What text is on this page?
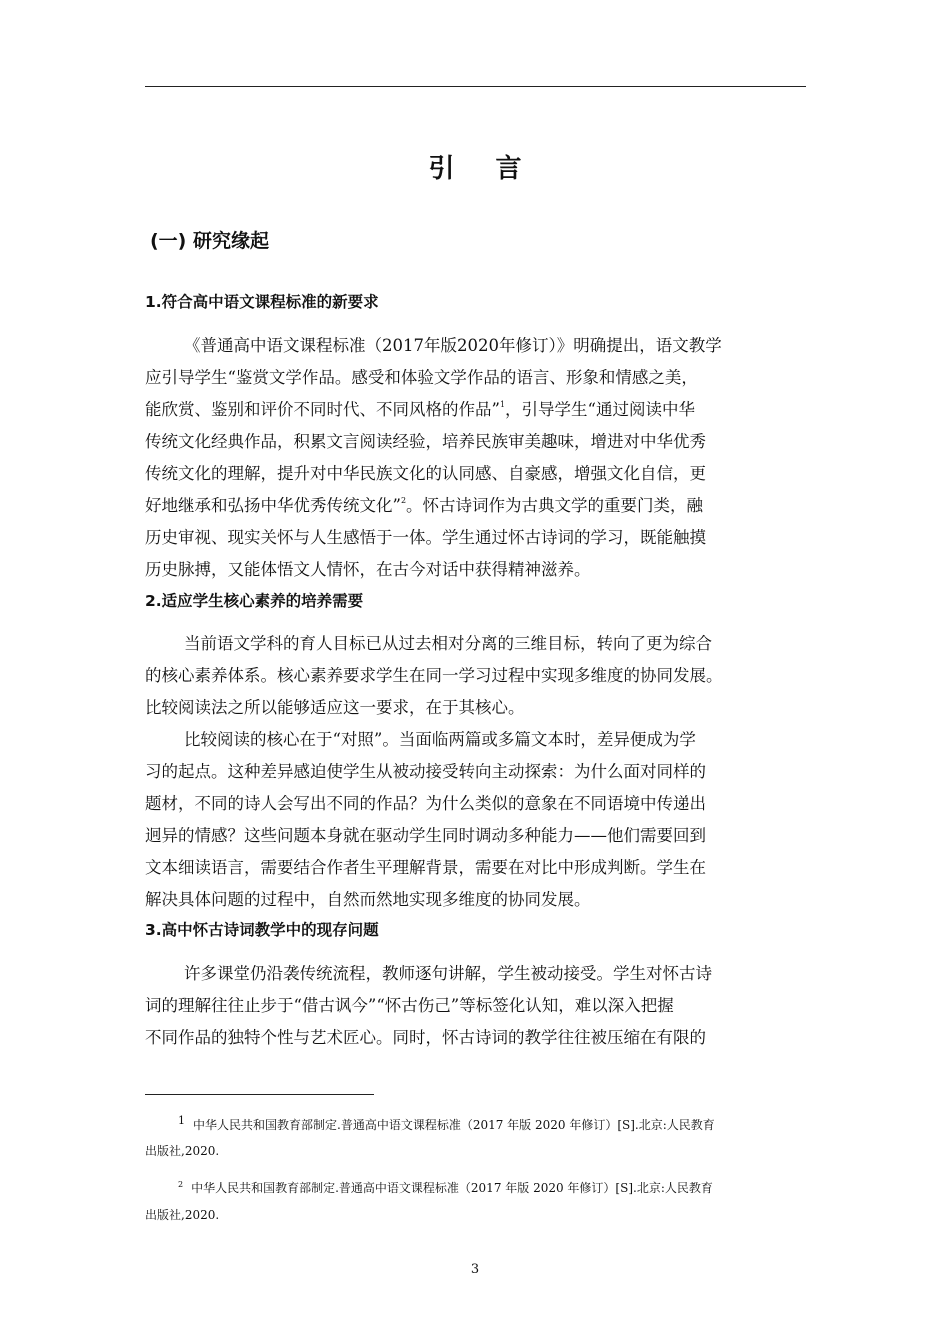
引 言
(一) 研究缘起
1.符合高中语文课程标准的新要求
《普通高中语文课程标准（2017年版2020年修订）》明确提出，语文教学
应引导学生“鉴赏文学作品。感受和体验文学作品的语言、形象和情感之美，
能欣赏、鉴别和评价不同时代、不同风格的作品”$^1$，引导学生“通过阅读中华
传统文化经典作品，积累文言阅读经验，培养民族审美趣味，增进对中华优秀
传统文化的理解，提升对中华民族文化的认同感、自豪感，增强文化自信，更
好地继承和弘扬中华优秀传统文化”$^2$。怀古诗词作为古典文学的重要门类，融
历史审视、现实关怀与人生感悟于一体。学生通过怀古诗词的学习，既能触摸
历史脉搏，又能体悟文人情怀，在古今对话中获得精神滋养。
2.适应学生核心素养的培养需要
当前语文学科的育人目标已从过去相对分离的三维目标，转向了更为综合
的核心素养体系。核心素养要求学生在同一学习过程中实现多维度的协同发展。
比较阅读法之所以能够适应这一要求，在于其核心。
比较阅读的核心在于“对照”。当面临两篇或多篇文本时，差异便成为学
习的起点。这种差异感迫使学生从被动接受转向主动探索：为什么面对同样的
题材，不同的诗人会写出不同的作品？为什么类似的意象在不同语境中传递出
迥异的情感？这些问题本身就在驱动学生同时调动多种能力——他们需要回到
文本细读语言，需要结合作者生平理解背景，需要在对比中形成判断。学生在
解决具体问题的过程中，自然而然地实现多维度的协同发展。
3.高中怀古诗词教学中的现存问题
许多课堂仍沿袭传统流程，教师逐句讲解，学生被动接受。学生对怀古诗
词的理解往往止步于“借古讽今”“怀古伤己”等标签化认知，难以深入把握
不同作品的独特个性与艺术匠心。同时，怀古诗词的教学往往被压缩在有限的
1 中华人民共和国教育部制定.普通高中语文课程标准（2017 年版 2020 年修订）[S].北京:人民教育
出版社,2020.
$^2$ 中华人民共和国教育部制定.普通高中语文课程标准（2017 年版 2020 年修订）[S].北京:人民教育
出版社,2020.
3
